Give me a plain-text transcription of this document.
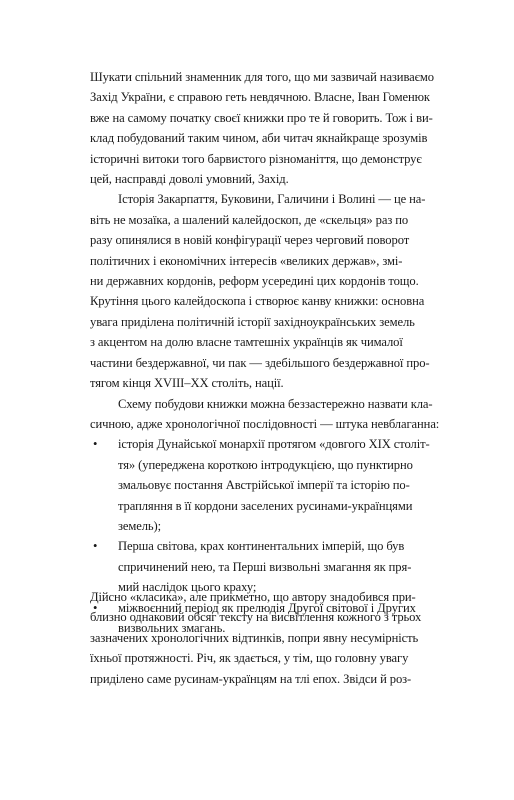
Шукати спільний знаменник для того, що ми зазвичай називаємо
Захід України, є справою геть невдячною. Власне, Іван Гоменюк
вже на самому початку своєї книжки про те й говорить. Тож і ви-
клад побудований таким чином, аби читач якнайкраще зрозумів
історичні витоки того барвистого різноманіття, що демонструє
цей, насправді доволі умовний, Захід.

Історія Закарпаття, Буковини, Галичини і Волині — це на-
віть не мозаїка, а шалений калейдоскоп, де «скельця» раз по
разу опинялися в новій конфігурації через черговий поворот
політичних і економічних інтересів «великих держав», змі-
ни державних кордонів, реформ усередині цих кордонів тощо.
Крутіння цього калейдоскопа і створює канву книжки: основна
увага приділена політичній історії західноукраїнських земель
з акцентом на долю власне тамтешніх українців як чималої
частини бездержавної, чи пак — здебільшого бездержавної про-
тягом кінця XVIII–XX століть, нації.

Схему побудови книжки можна беззастережно назвати кла-
сичною, адже хронологічної послідовності — штука невблаганна:

• історія Дунайської монархії протягом «довгого XIX століт-
тя» (упереджена короткою інтродукцією, що пунктирно
змальовує постання Австрійської імперії та історію по-
трапляння в її кордони заселених русинами-українцями
земель);
• Перша світова, крах континентальних імперій, що був
спричинений нею, та Перші визвольні змагання як пря-
мий наслідок цього краху;
• міжвоєнний період як прелюдія Другої світової і Других
визвольних змагань.

Дійсно «класика», але прикметно, що автору знадобився при-
близно однаковий обсяг тексту на висвітлення кожного з трьох
зазначених хронологічних відтинків, попри явну несумірність
їхньої протяжності. Річ, як здається, у тім, що головну увагу
приділено саме русинам-українцям на тлі епох. Звідси й роз-
